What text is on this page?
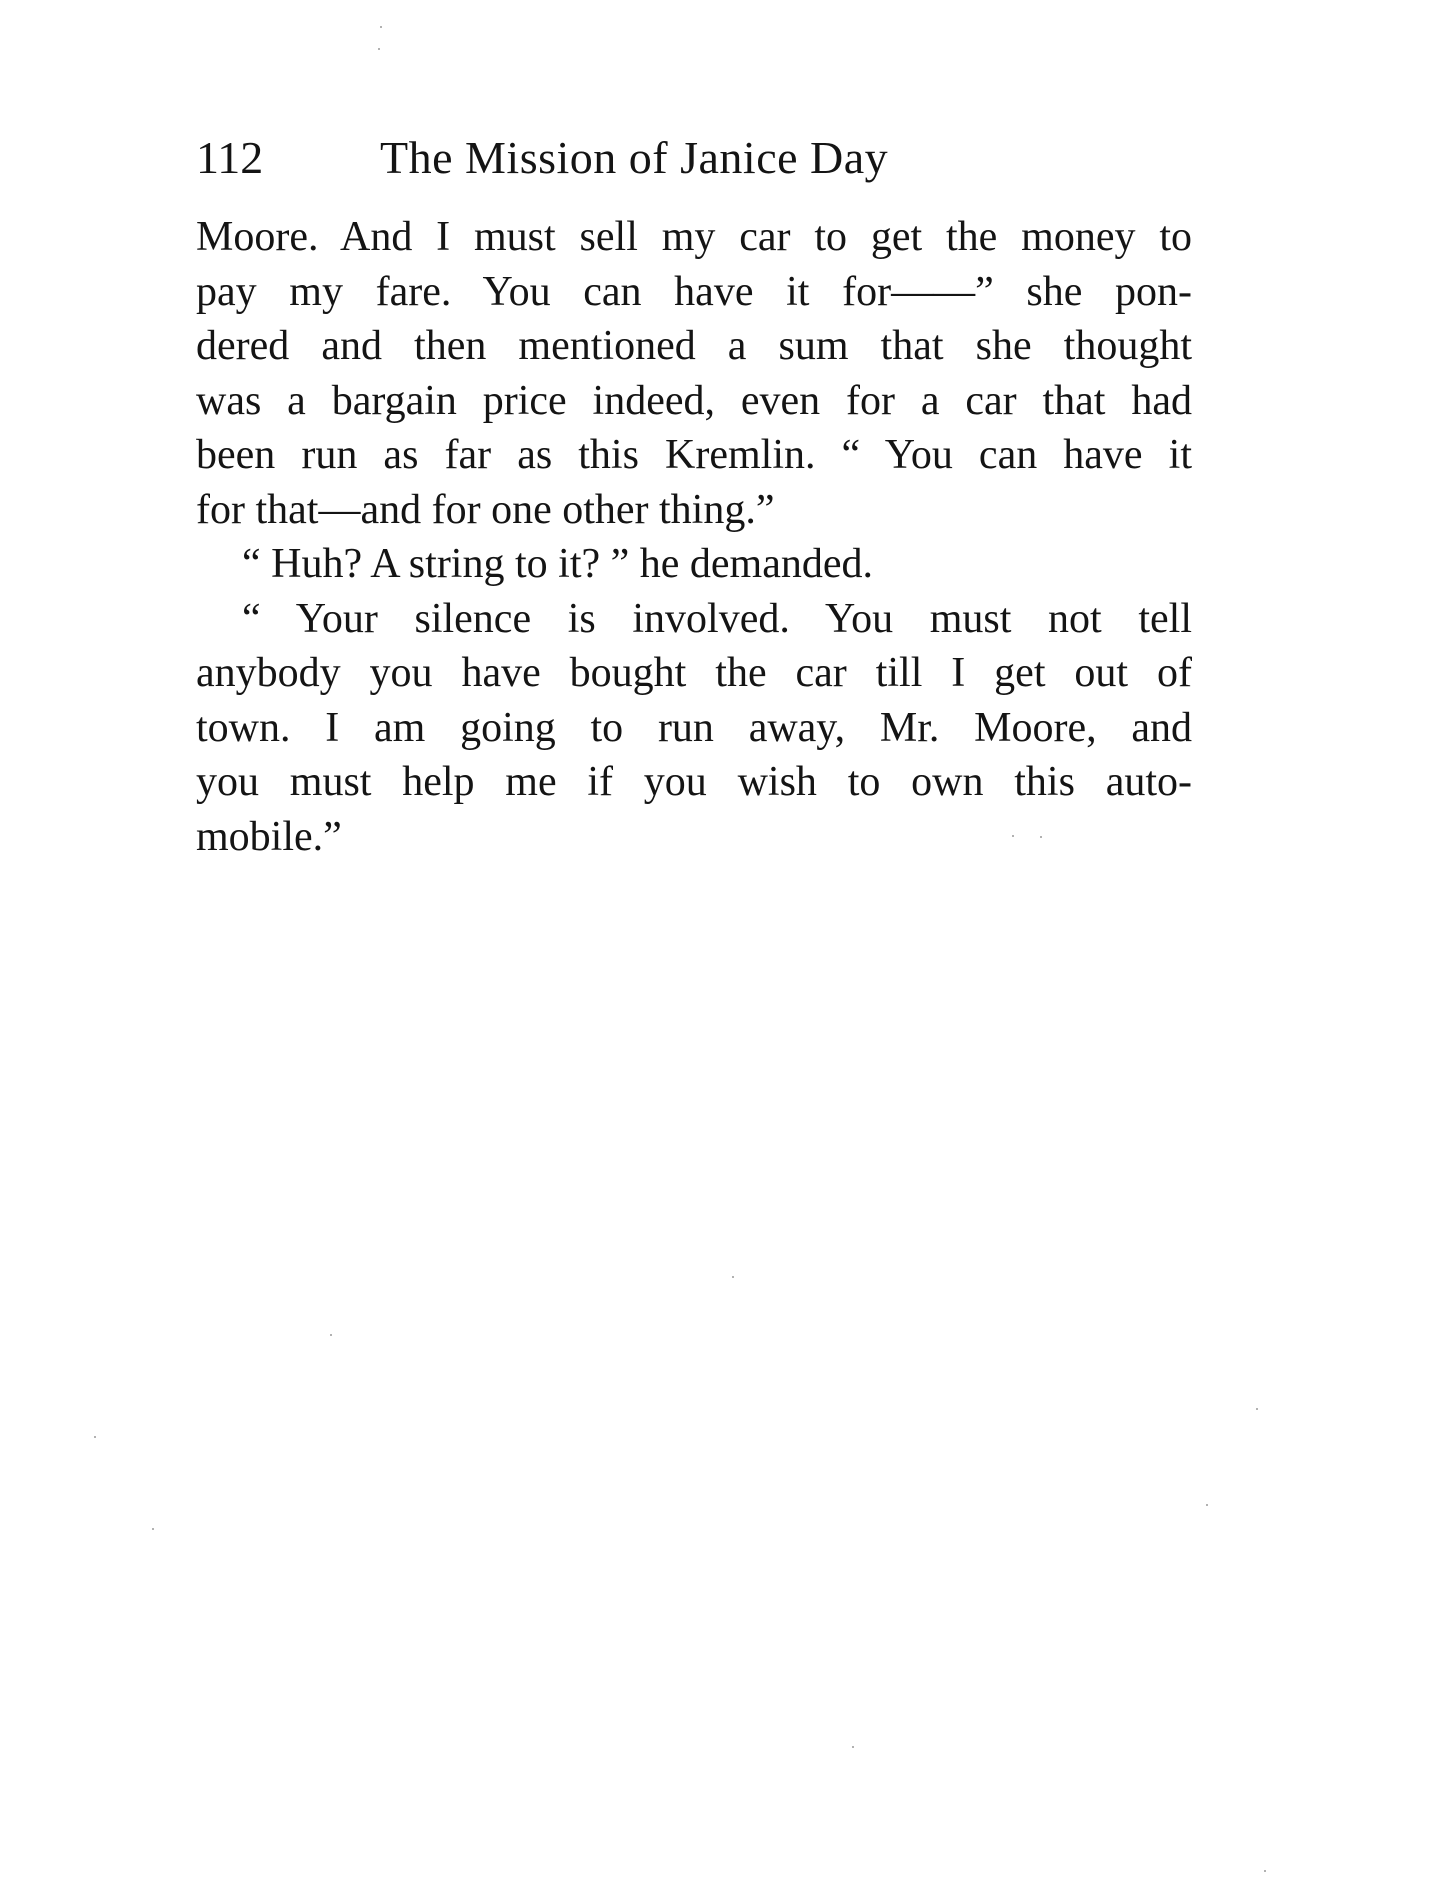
112	The Mission of Janice Day
Moore. And I must sell my car to get the money to
pay my fare. You can have it for——” she pon-
dered and then mentioned a sum that she thought
was a bargain price indeed, even for a car that had
been run as far as this Kremlin. “ You can have it
for that—and for one other thing.”
“ Huh? A string to it? ” he demanded.
“ Your silence is involved. You must not tell
anybody you have bought the car till I get out of
town. I am going to run away, Mr. Moore, and
you must help me if you wish to own this auto-
mobile.”
